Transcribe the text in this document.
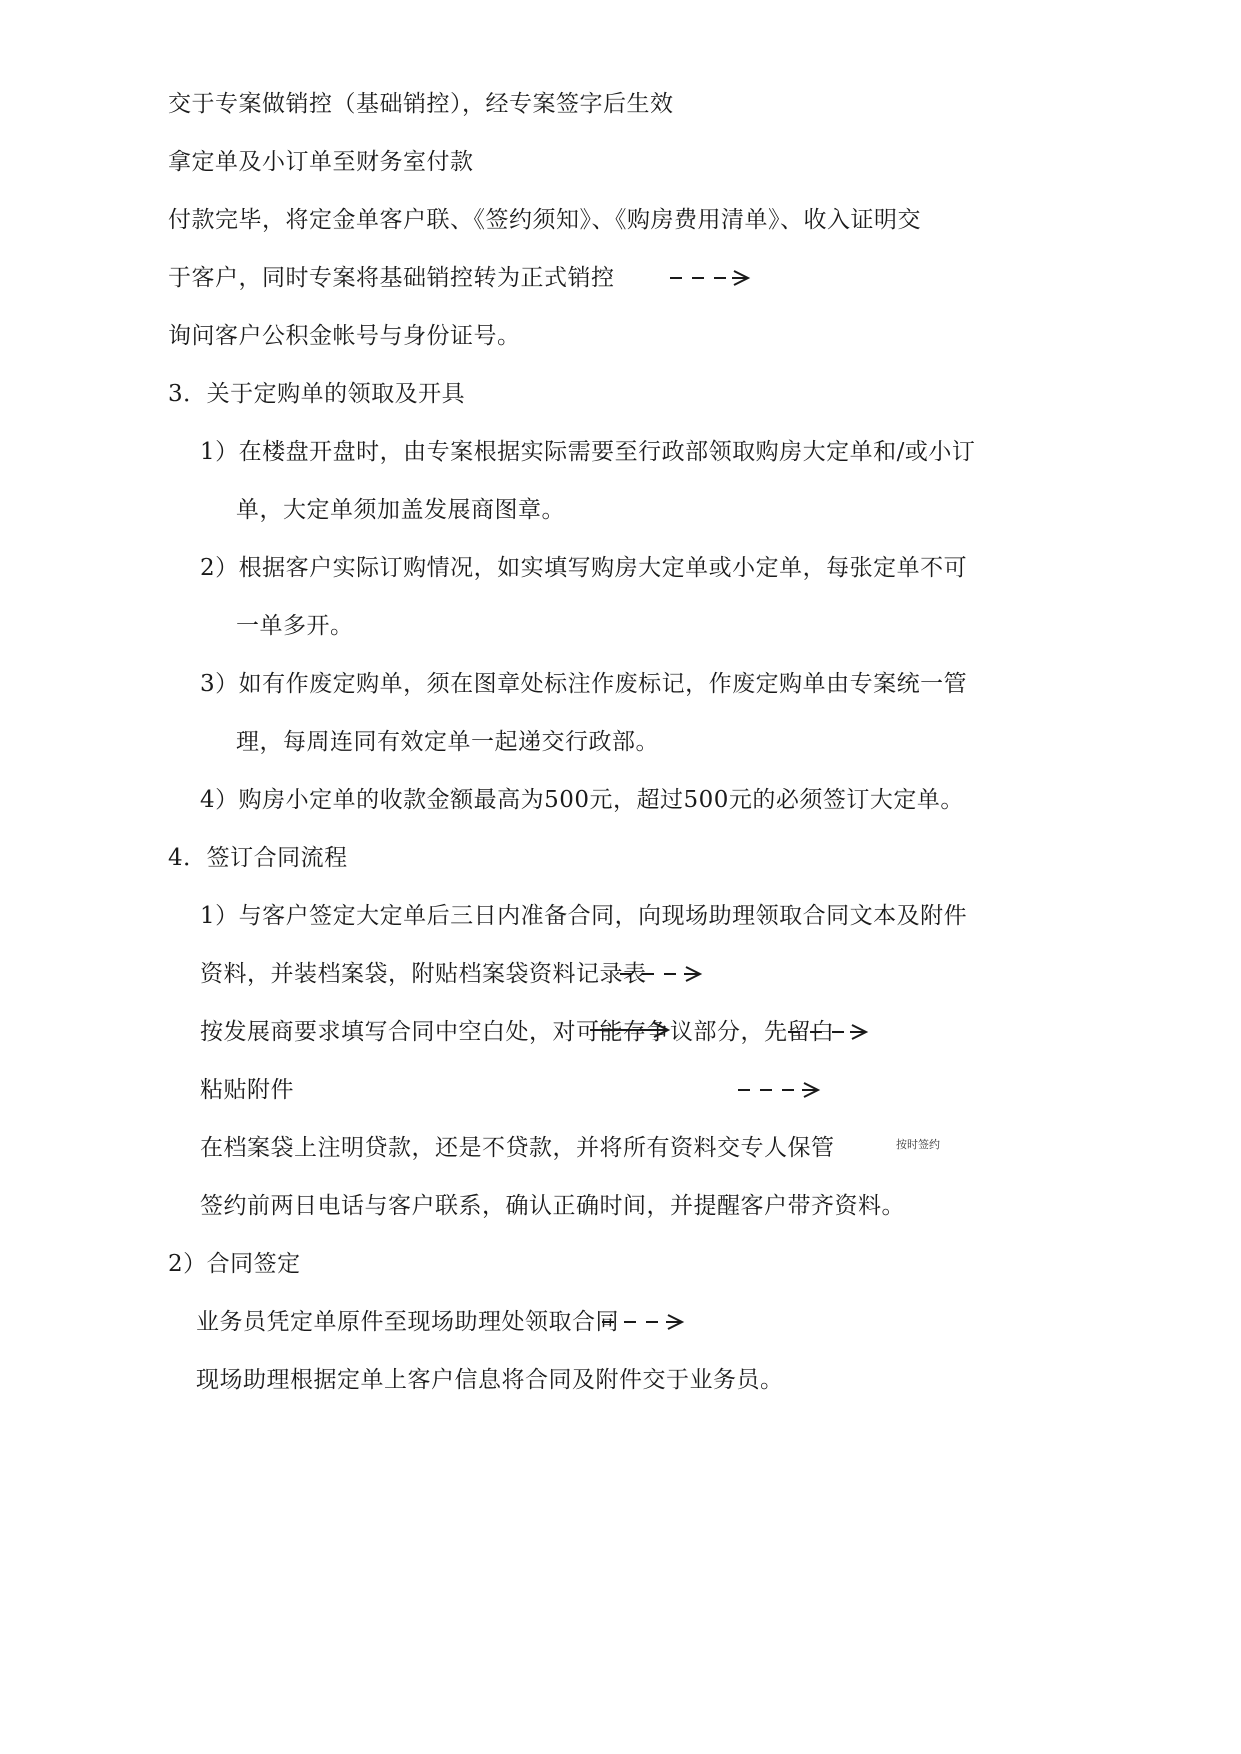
交于专案做销控（基础销控），经专案签字后生效
拿定单及小订单至财务室付款
付款完毕，将定金单客户联、《签约须知》、《购房费用清单》、收入证明交
于客户，同时专案将基础销控转为正式销控
询问客户公积金帐号与身份证号。
3．关于定购单的领取及开具
1）在楼盘开盘时，由专案根据实际需要至行政部领取购房大定单和/或小订
单，大定单须加盖发展商图章。
2）根据客户实际订购情况，如实填写购房大定单或小定单，每张定单不可
一单多开。
3）如有作废定购单，须在图章处标注作废标记，作废定购单由专案统一管
理，每周连同有效定单一起递交行政部。
4）购房小定单的收款金额最高为500元，超过500元的必须签订大定单。
4．签订合同流程
1）与客户签定大定单后三日内准备合同，向现场助理领取合同文本及附件
资料，并装档案袋，附贴档案袋资料记录表
按发展商要求填写合同中空白处，对可能存争议部分，先留白
粘贴附件
在档案袋上注明贷款，还是不贷款，并将所有资料交专人保管	按时签约
签约前两日电话与客户联系，确认正确时间，并提醒客户带齐资料。
2）合同签定
业务员凭定单原件至现场助理处领取合同
现场助理根据定单上客户信息将合同及附件交于业务员。
